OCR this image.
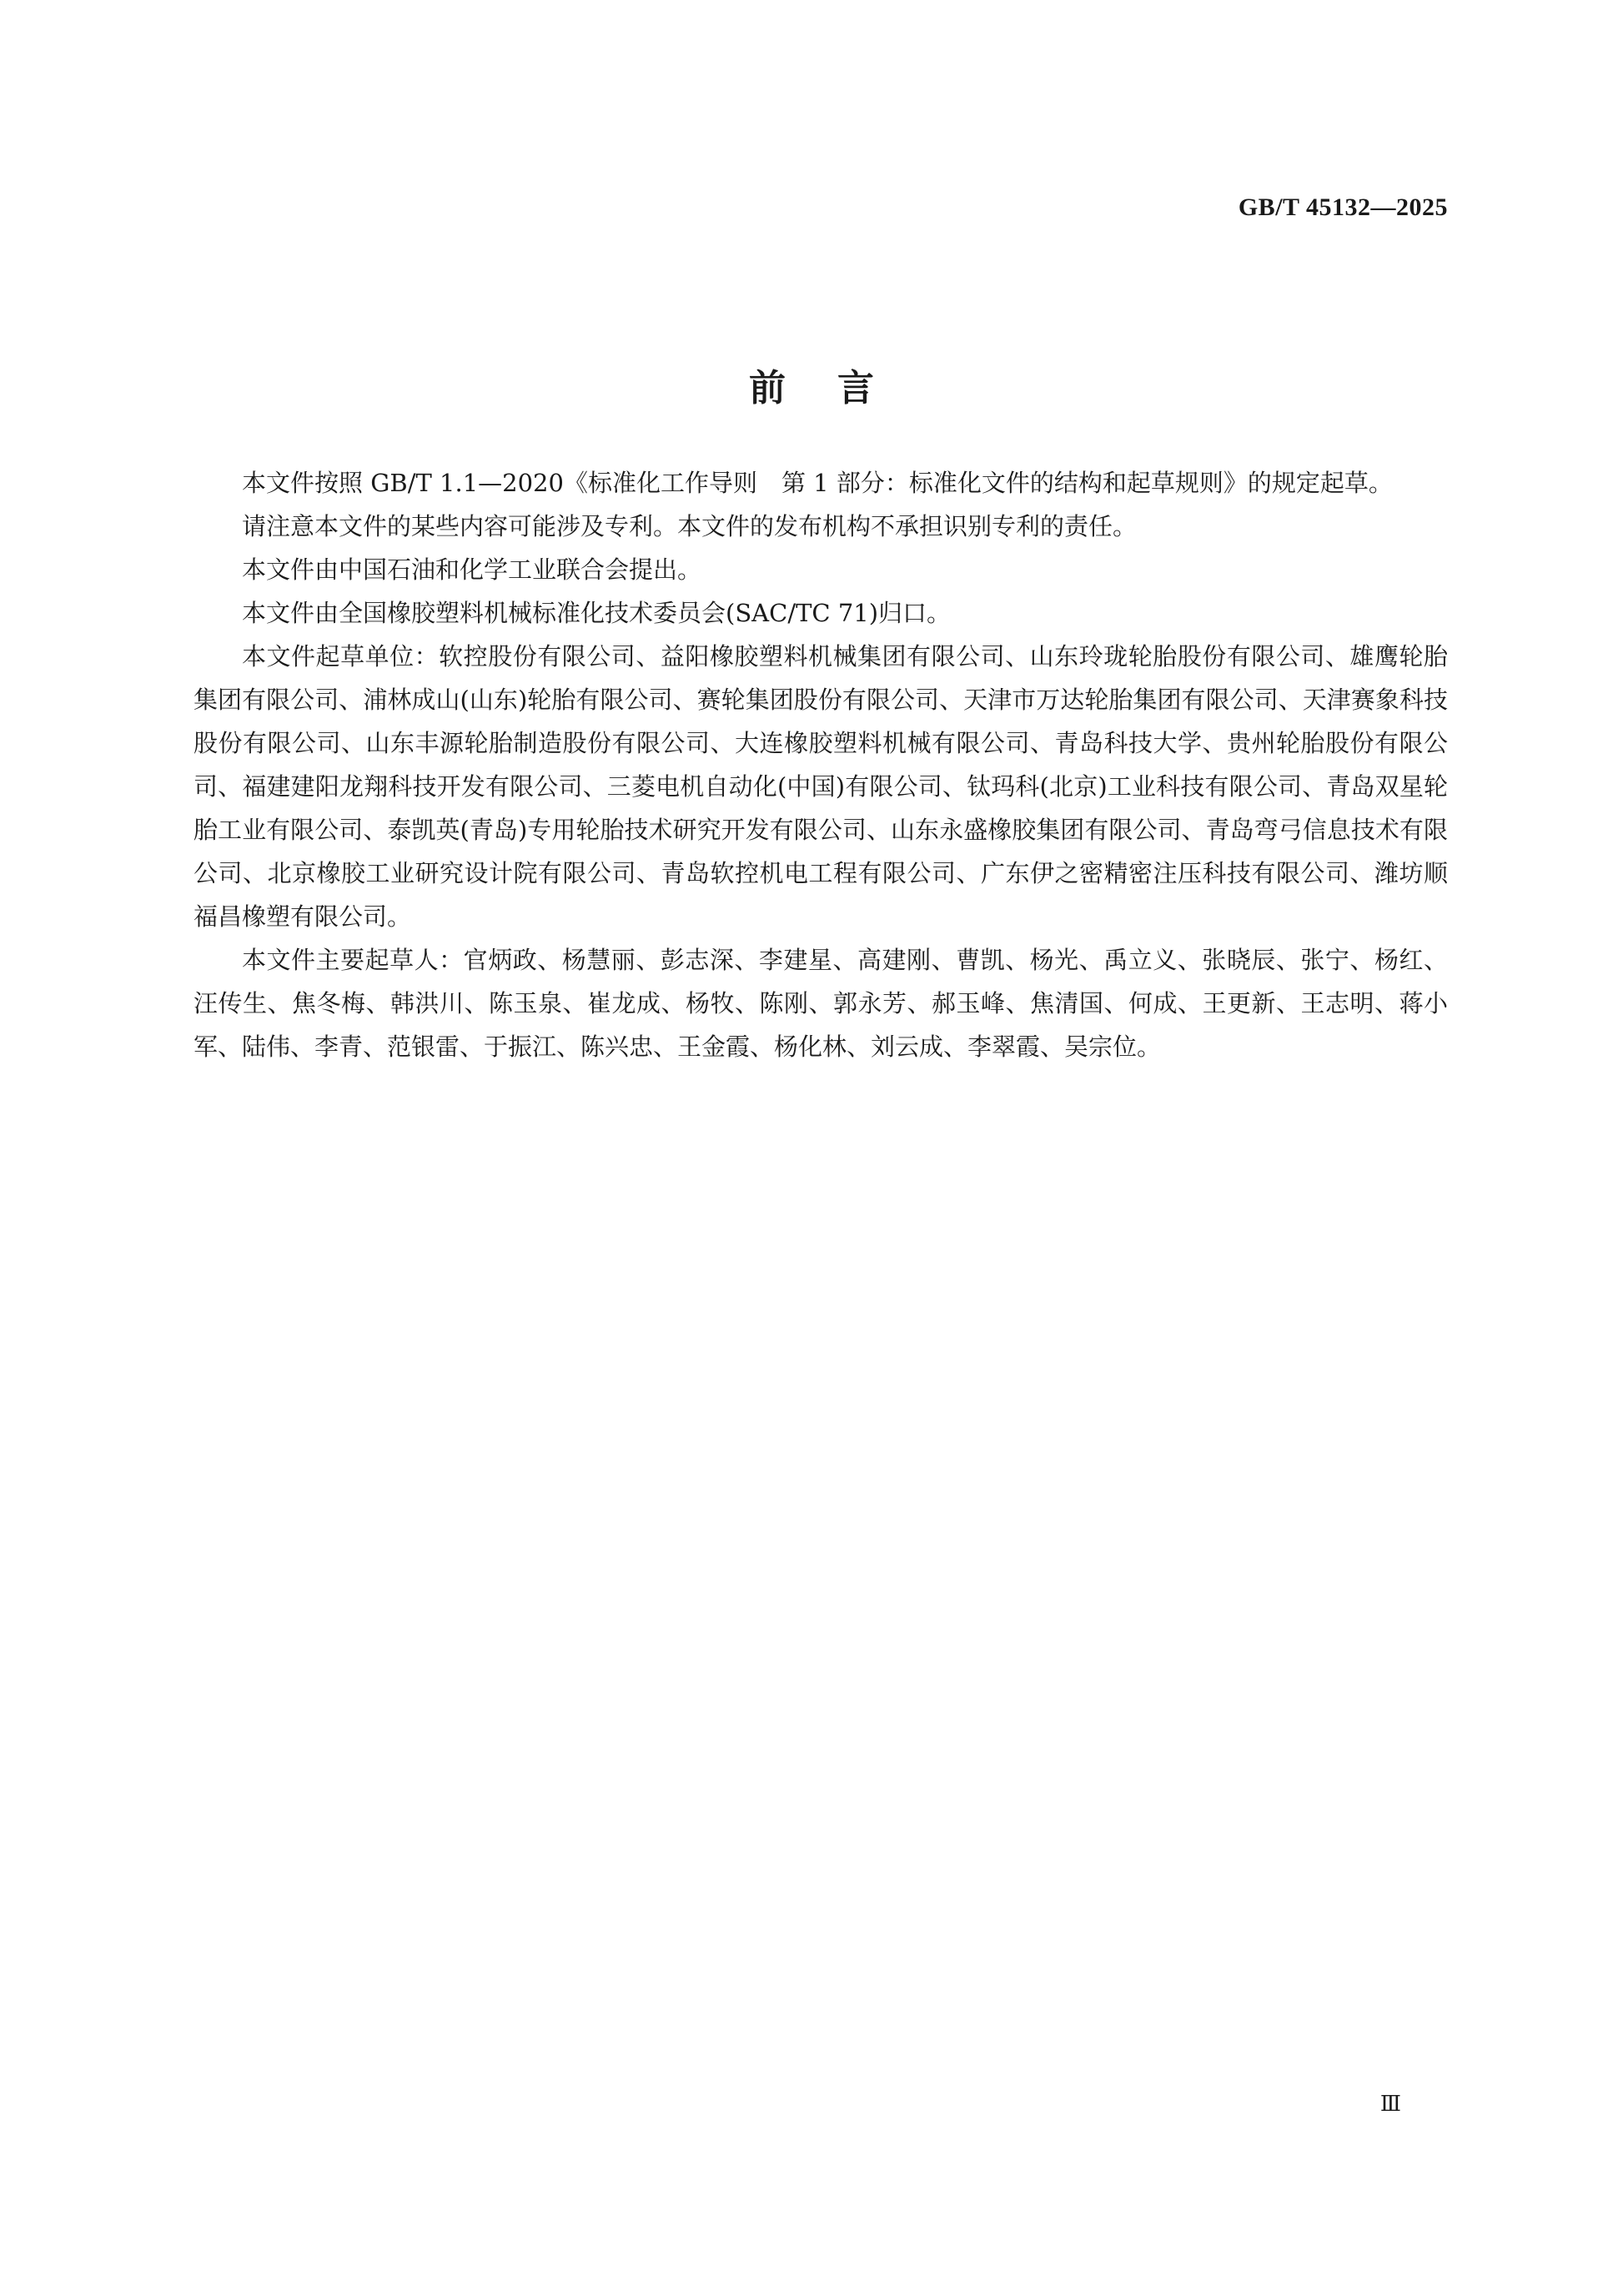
GB/T 45132—2025
前言

本文件按照 GB/T 1.1—2020《标准化工作导则　第 1 部分：标准化文件的结构和起草规则》的规定起草。

请注意本文件的某些内容可能涉及专利。本文件的发布机构不承担识别专利的责任。

本文件由中国石油和化学工业联合会提出。

本文件由全国橡胶塑料机械标准化技术委员会(SAC/TC 71)归口。

本文件起草单位：软控股份有限公司、益阳橡胶塑料机械集团有限公司、山东玲珑轮胎股份有限公司、雄鹰轮胎集团有限公司、浦林成山(山东)轮胎有限公司、赛轮集团股份有限公司、天津市万达轮胎集团有限公司、天津赛象科技股份有限公司、山东丰源轮胎制造股份有限公司、大连橡胶塑料机械有限公司、青岛科技大学、贵州轮胎股份有限公司、福建建阳龙翔科技开发有限公司、三菱电机自动化(中国)有限公司、钛玛科(北京)工业科技有限公司、青岛双星轮胎工业有限公司、泰凯英(青岛)专用轮胎技术研究开发有限公司、山东永盛橡胶集团有限公司、青岛弯弓信息技术有限公司、北京橡胶工业研究设计院有限公司、青岛软控机电工程有限公司、广东伊之密精密注压科技有限公司、潍坊顺福昌橡塑有限公司。

本文件主要起草人：官炳政、杨慧丽、彭志深、李建星、高建刚、曹凯、杨光、禹立义、张晓辰、张宁、杨红、汪传生、焦冬梅、韩洪川、陈玉泉、崔龙成、杨牧、陈刚、郭永芳、郝玉峰、焦清国、何成、王更新、王志明、蒋小军、陆伟、李青、范银雷、于振江、陈兴忠、王金霞、杨化林、刘云成、李翠霞、吴宗位。

Ⅲ
